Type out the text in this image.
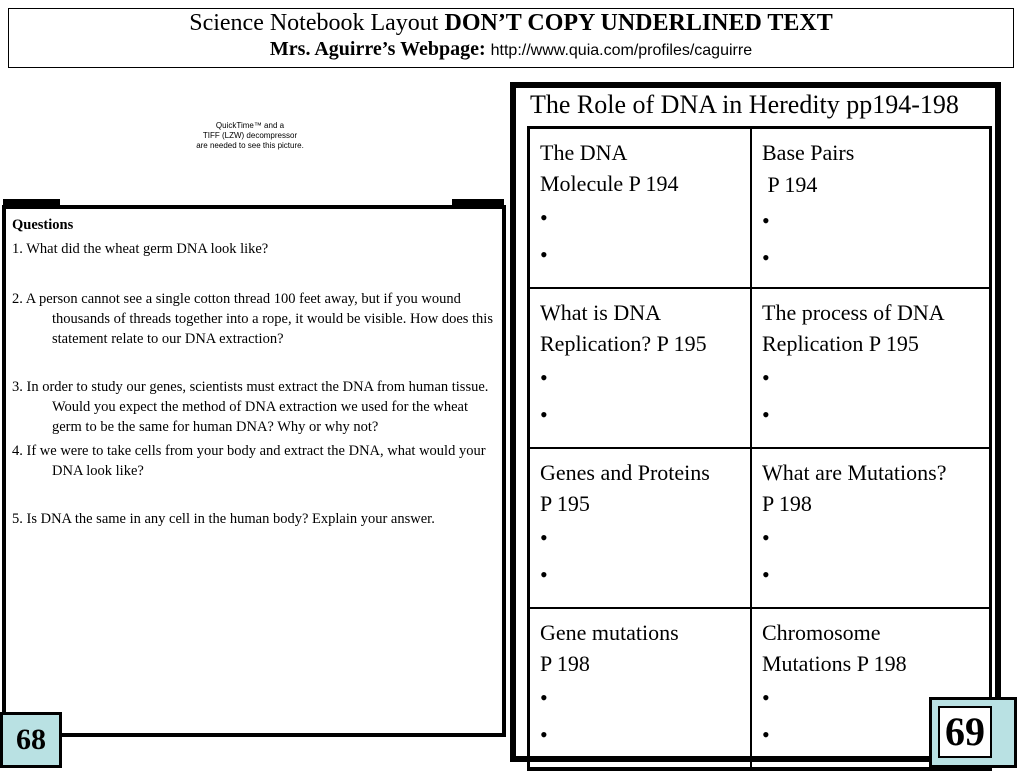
Science Notebook Layout DON’T COPY UNDERLINED TEXT
Mrs. Aguirre’s Webpage: http://www.quia.com/profiles/caguirre
QuickTime™ and a
TIFF (LZW) decompressor
are needed to see this picture.
Questions
1. What did the wheat germ DNA look like?
2. A person cannot see a single cotton thread 100 feet away, but if you wound thousands of threads together into a rope, it would be visible. How does this statement relate to our DNA extraction?
3. In order to study our genes, scientists must extract the DNA from human tissue. Would you expect the method of DNA extraction we used for the wheat germ to be the same for human DNA? Why or why not?
4. If we were to take cells from your body and extract the DNA, what would your DNA look like?
5. Is DNA the same in any cell in the human body? Explain your answer.
The Role of DNA in Heredity pp194-198
The DNA
Molecule P 194
•
•
Base Pairs
P 194
•
•
What is DNA
Replication? P 195
•
•
The process of DNA
Replication P 195
•
•
Genes and Proteins
P 195
•
•
What are Mutations?
P 198
•
•
Gene mutations
P 198
•
•
Chromosome
Mutations P 198
•
•
68	69
